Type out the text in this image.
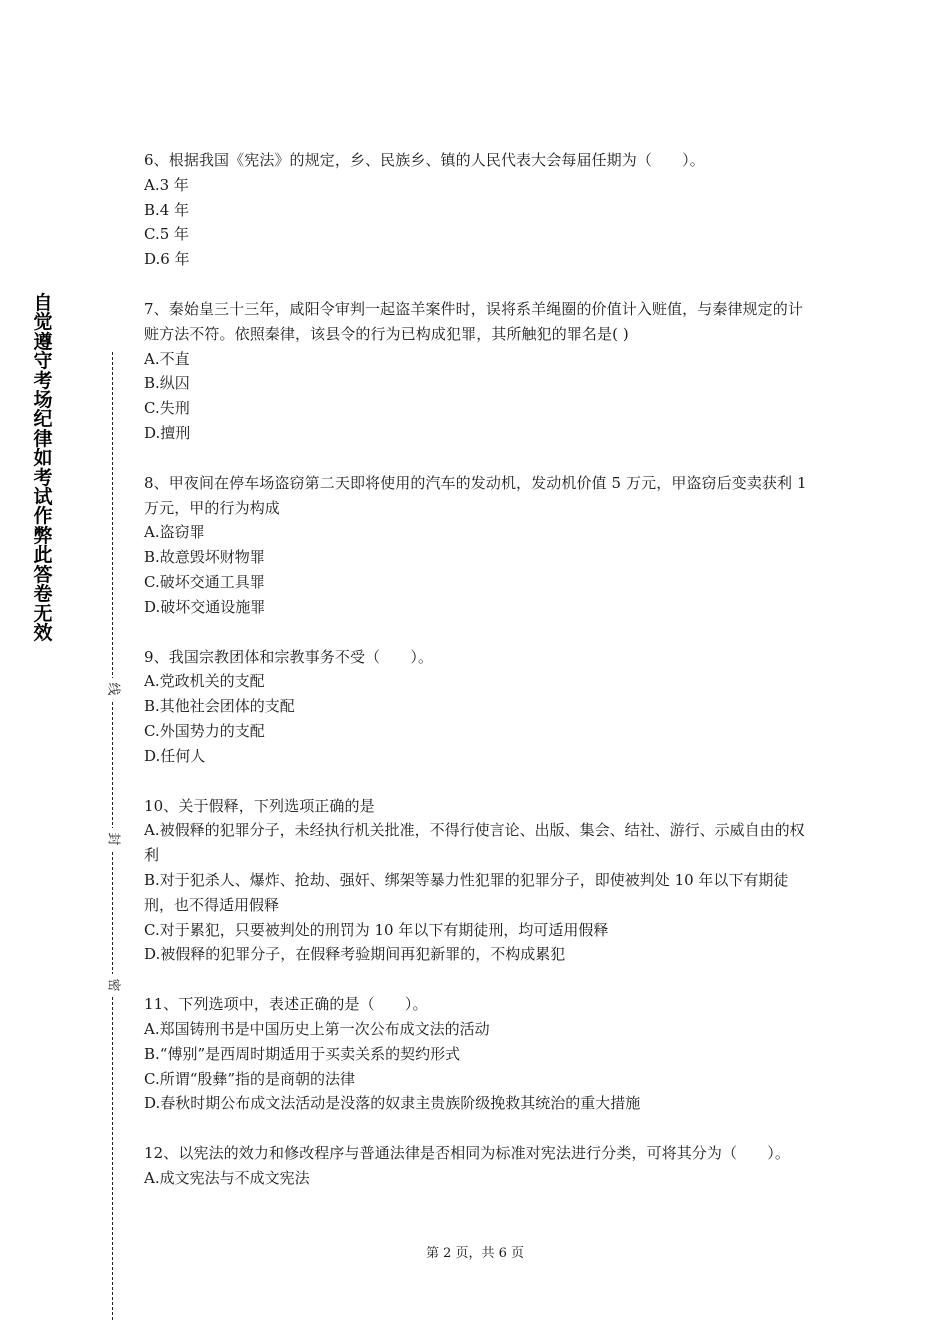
自觉遵守考场纪律如考试作弊此答卷无效
线
封
密

6、根据我国《宪法》的规定，乡、民族乡、镇的人民代表大会每届任期为（　　）。

A.3 年

B.4 年

C.5 年

D.6 年

7、秦始皇三十三年，咸阳令审判一起盗羊案件时，误将系羊绳圈的价值计入赃值，与秦律规定的计赃方法不符。依照秦律，该县令的行为已构成犯罪，其所触犯的罪名是( )

A.不直

B.纵囚

C.失刑

D.擅刑

8、甲夜间在停车场盗窃第二天即将使用的汽车的发动机，发动机价值 5 万元，甲盗窃后变卖获利 1 万元，甲的行为构成

A.盗窃罪

B.故意毁坏财物罪

C.破坏交通工具罪

D.破坏交通设施罪

9、我国宗教团体和宗教事务不受（　　）。

A.党政机关的支配

B.其他社会团体的支配

C.外国势力的支配

D.任何人

10、关于假释，下列选项正确的是

A.被假释的犯罪分子，未经执行机关批准，不得行使言论、出版、集会、结社、游行、示威自由的权利

B.对于犯杀人、爆炸、抢劫、强奸、绑架等暴力性犯罪的犯罪分子，即使被判处 10 年以下有期徒刑，也不得适用假释

C.对于累犯，只要被判处的刑罚为 10 年以下有期徒刑，均可适用假释

D.被假释的犯罪分子，在假释考验期间再犯新罪的，不构成累犯

11、下列选项中，表述正确的是（　　）。

A.郑国铸刑书是中国历史上第一次公布成文法的活动

B.“傅别”是西周时期适用于买卖关系的契约形式

C.所谓“殷彝”指的是商朝的法律

D.春秋时期公布成文法活动是没落的奴隶主贵族阶级挽救其统治的重大措施

12、以宪法的效力和修改程序与普通法律是否相同为标准对宪法进行分类，可将其分为（　　）。

A.成文宪法与不成文宪法

第 2 页，共 6 页
